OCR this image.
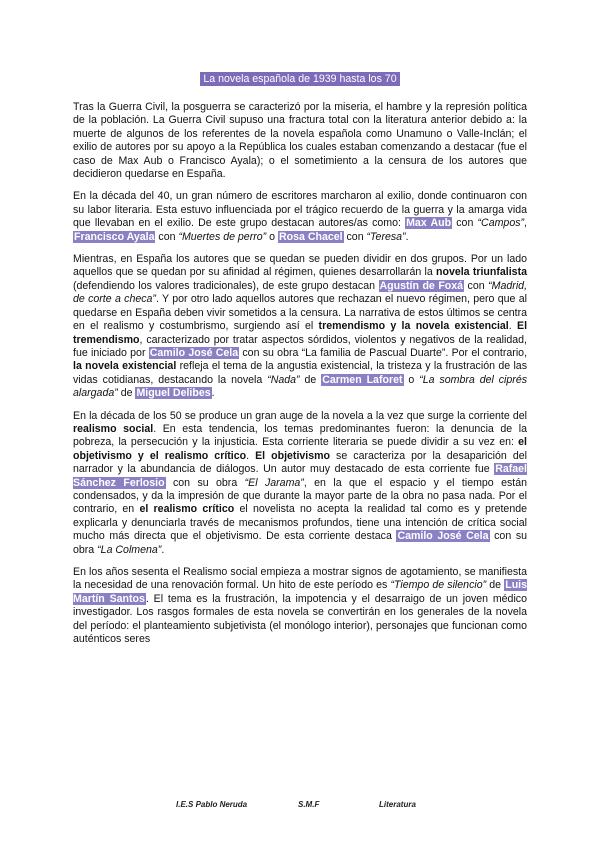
La novela española de 1939 hasta los 70

Tras la Guerra Civil, la posguerra se caracterizó por la miseria, el hambre y la represión política de la población. La Guerra Civil supuso una fractura total con la literatura anterior debido a: la muerte de algunos de los referentes de la novela española como Unamuno o Valle-Inclán; el exilio de autores por su apoyo a la República los cuales estaban comenzando a destacar (fue el caso de Max Aub o Francisco Ayala); o el sometimiento a la censura de los autores que decidieron quedarse en España.

En la década del 40, un gran número de escritores marcharon al exilio, donde continuaron con su labor literaria. Esta estuvo influenciada por el trágico recuerdo de la guerra y la amarga vida que llevaban en el exilio. De este grupo destacan autores/as como: Max Aub con “Campos”, Francisco Ayala con “Muertes de perro” o Rosa Chacel con “Teresa”.

Mientras, en España los autores que se quedan se pueden dividir en dos grupos. Por un lado aquellos que se quedan por su afinidad al régimen, quienes desarrollarán la novela triunfalista (defendiendo los valores tradicionales), de este grupo destacan Agustín de Foxá con “Madrid, de corte a checa”. Y por otro lado aquellos autores que rechazan el nuevo régimen, pero que al quedarse en España deben vivir sometidos a la censura. La narrativa de estos últimos se centra en el realismo y costumbrismo, surgiendo así el tremendismo y la novela existencial. El tremendismo, caracterizado por tratar aspectos sórdidos, violentos y negativos de la realidad, fue iniciado por Camilo José Cela con su obra “La familia de Pascual Duarte”. Por el contrario, la novela existencial refleja el tema de la angustia existencial, la tristeza y la frustración de las vidas cotidianas, destacando la novela “Nada” de Carmen Laforet o “La sombra del ciprés alargada” de Miguel Delibes.

En la década de los 50 se produce un gran auge de la novela a la vez que surge la corriente del realismo social. En esta tendencia, los temas predominantes fueron: la denuncia de la pobreza, la persecución y la injusticia. Esta corriente literaria se puede dividir a su vez en: el objetivismo y el realismo crítico. El objetivismo se caracteriza por la desaparición del narrador y la abundancia de diálogos. Un autor muy destacado de esta corriente fue Rafael Sánchez Ferlosio con su obra “El Jarama”, en la que el espacio y el tiempo están condensados, y da la impresión de que durante la mayor parte de la obra no pasa nada. Por el contrario, en el realismo crítico el novelista no acepta la realidad tal como es y pretende explicarla y denunciarla través de mecanismos profundos, tiene una intención de crítica social mucho más directa que el objetivismo. De esta corriente destaca Camilo José Cela con su obra “La Colmena”.

En los años sesenta el Realismo social empieza a mostrar signos de agotamiento, se manifiesta la necesidad de una renovación formal. Un hito de este período es “Tiempo de silencio” de Luis Martín Santos. El tema es la frustración, la impotencia y el desarraigo de un joven médico investigador. Los rasgos formales de esta novela se convertirán en los generales de la novela del período: el planteamiento subjetivista (el monólogo interior), personajes que funcionan como auténticos seres

I.E.S Pablo Neruda	S.M.F	Literatura
